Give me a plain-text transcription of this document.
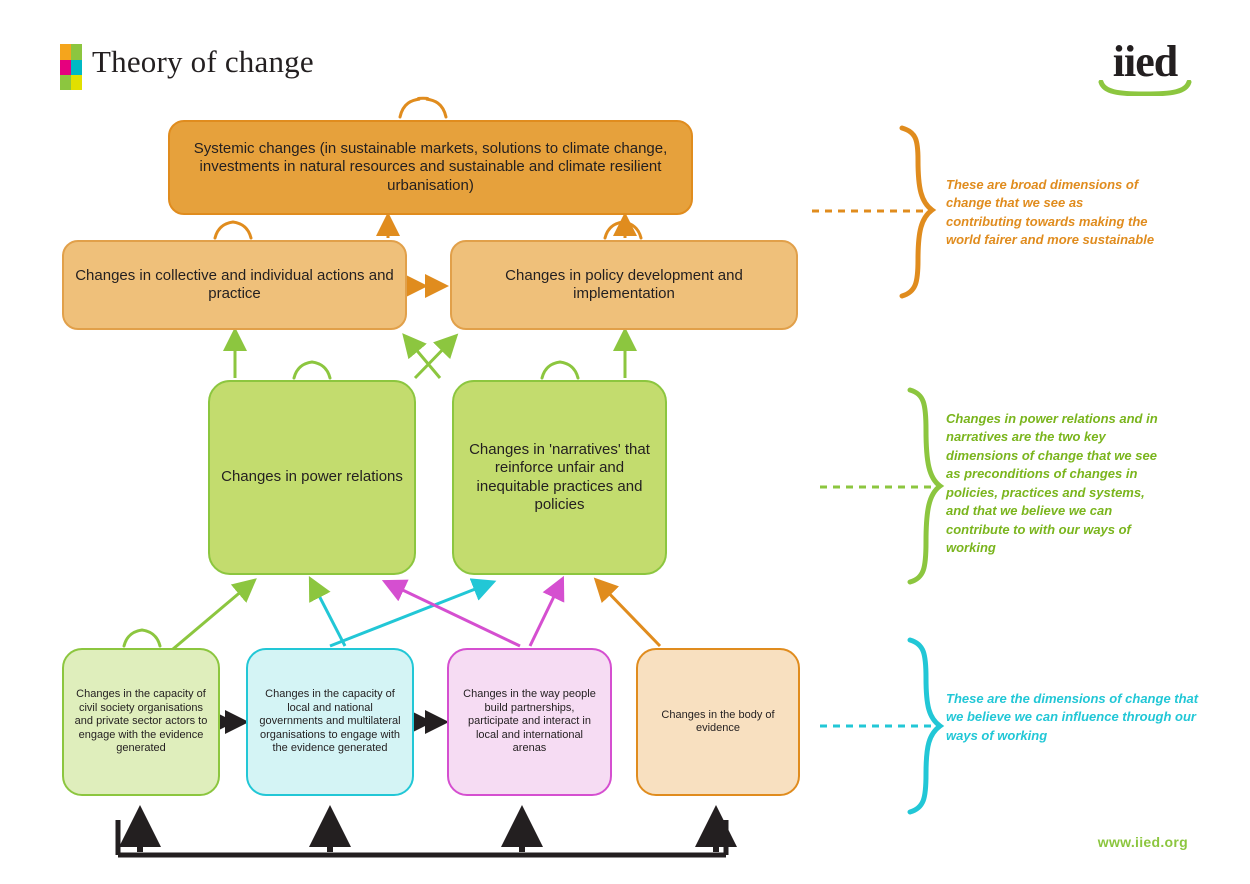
Theory of change	iied
www.iied.org
Systemic changes (in sustainable markets, solutions to climate change, investments in natural resources and sustainable and climate resilient urbanisation)
Changes in collective and individual actions and practice
Changes in policy development and implementation
Changes in power relations
Changes in 'narratives' that reinforce unfair and inequitable practices and policies
Changes in the capacity of civil society organisations and private sector actors to engage with the evidence generated
Changes in the capacity of local and national governments and multilateral organisations to engage with the evidence generated
Changes in the way people build partnerships, participate and interact in local and international arenas
Changes in the body of evidence
These are broad dimensions of change that we see as contributing towards making the world fairer and more sustainable
Changes in power relations and in narratives are the two key dimensions of change that we see as preconditions of changes in policies, practices and systems, and that we believe we can contribute to with our ways of working
These are the dimensions of change that we believe we can influence through our ways of working
